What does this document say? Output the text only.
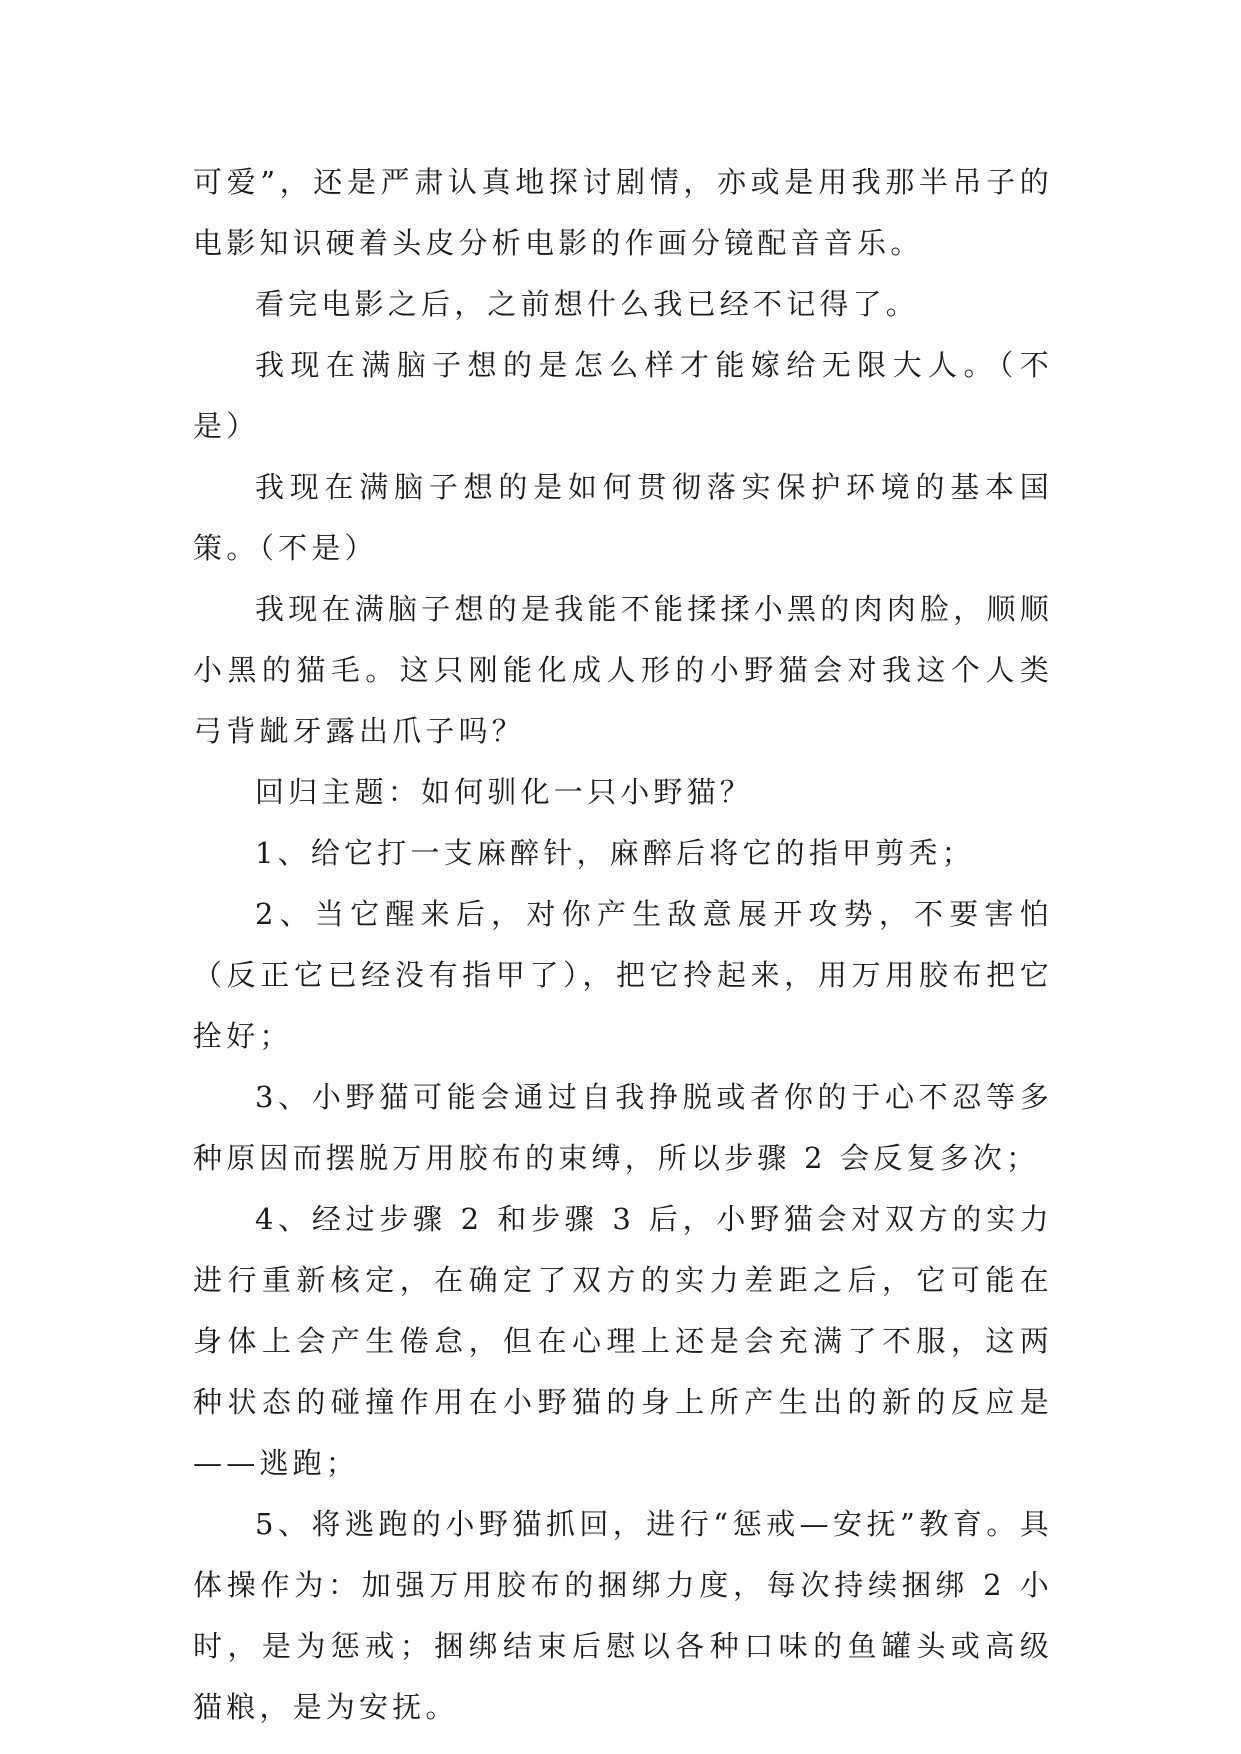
可爱”，还是严肃认真地探讨剧情，亦或是用我那半吊子的电影知识硬着头皮分析电影的作画分镜配音音乐。

看完电影之后，之前想什么我已经不记得了。

我现在满脑子想的是怎么样才能嫁给无限大人。（不是）

我现在满脑子想的是如何贯彻落实保护环境的基本国策。（不是）

我现在满脑子想的是我能不能揉揉小黑的肉肉脸，顺顺小黑的猫毛。这只刚能化成人形的小野猫会对我这个人类弓背龇牙露出爪子吗？

回归主题：如何驯化一只小野猫？

1、给它打一支麻醉针，麻醉后将它的指甲剪秃；

2、当它醒来后，对你产生敌意展开攻势，不要害怕（反正它已经没有指甲了），把它拎起来，用万用胶布把它拴好；

3、小野猫可能会通过自我挣脱或者你的于心不忍等多种原因而摆脱万用胶布的束缚，所以步骤 2 会反复多次；

4、经过步骤 2 和步骤 3 后，小野猫会对双方的实力进行重新核定，在确定了双方的实力差距之后，它可能在身体上会产生倦怠，但在心理上还是会充满了不服，这两种状态的碰撞作用在小野猫的身上所产生出的新的反应是——逃跑；

5、将逃跑的小野猫抓回，进行“惩戒—安抚”教育。具体操作为：加强万用胶布的捆绑力度，每次持续捆绑 2 小时，是为惩戒；捆绑结束后慰以各种口味的鱼罐头或高级猫粮，是为安抚。
